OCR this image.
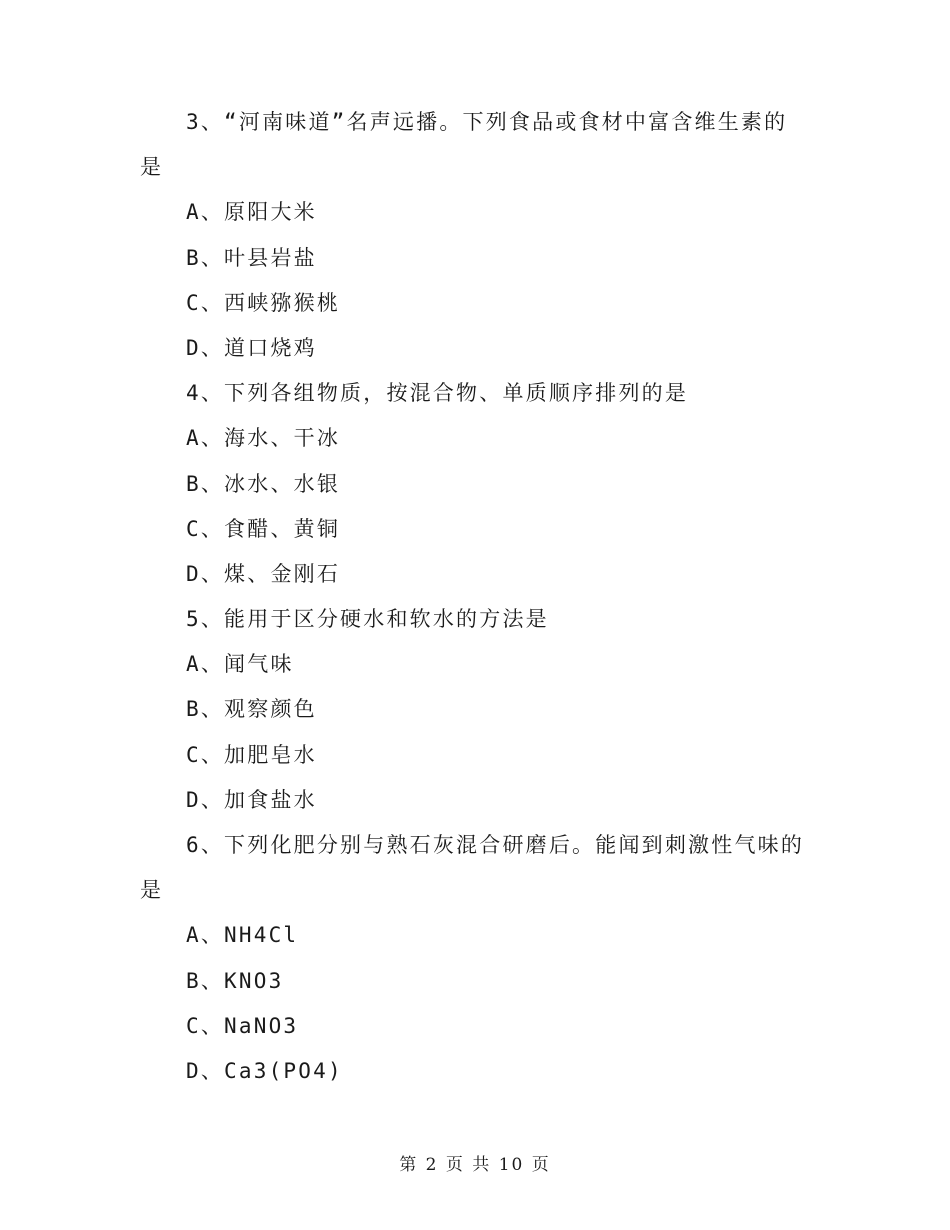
3、“河南味道”名声远播。下列食品或食材中富含维生素的
是
A、原阳大米
B、叶县岩盐
C、西峡猕猴桃
D、道口烧鸡
4、下列各组物质，按混合物、单质顺序排列的是
A、海水、干冰
B、冰水、水银
C、食醋、黄铜
D、煤、金刚石
5、能用于区分硬水和软水的方法是
A、闻气味
B、观察颜色
C、加肥皂水
D、加食盐水
6、下列化肥分别与熟石灰混合研磨后。能闻到刺激性气味的
是
A、NH4Cl
B、KNO3
C、NaNO3
D、Ca3(PO4)
第 2 页 共 10 页
